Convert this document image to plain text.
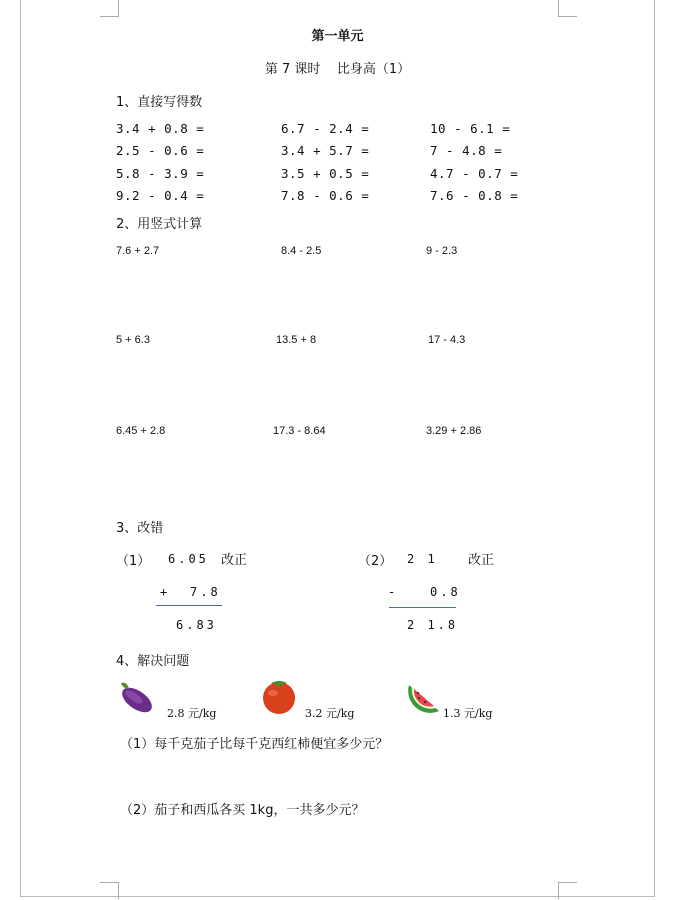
第一单元
第 7 课时    比身高（1）
1、直接写得数
3.4 + 0.8 =	6.7 - 2.4 =	10 - 6.1 =
2.5 - 0.6 =	3.4 + 5.7 =	7 - 4.8 =
5.8 - 3.9 =	3.5 + 0.5 =	4.7 - 0.7 =
9.2 - 0.4 =	7.8 - 0.6 =	7.6 - 0.8 =
2、用竖式计算
7.6 + 2.7	8.4 - 2.5	9 - 2.3
5 + 6.3	13.5 + 8	17 - 4.3
6.45 + 2.8	17.3 - 8.64	3.29 + 2.86
3、改错
（1） 6.05 改正
+ 7.8
6.83
（2） 2 1 改正
-	0.8
2 1.8
4、解决问题
2.8 元/kg	3.2 元/kg	1.3 元/kg
（1）每千克茄子比每千克西红柿便宜多少元？
（2）茄子和西瓜各买 1kg，一共多少元？
